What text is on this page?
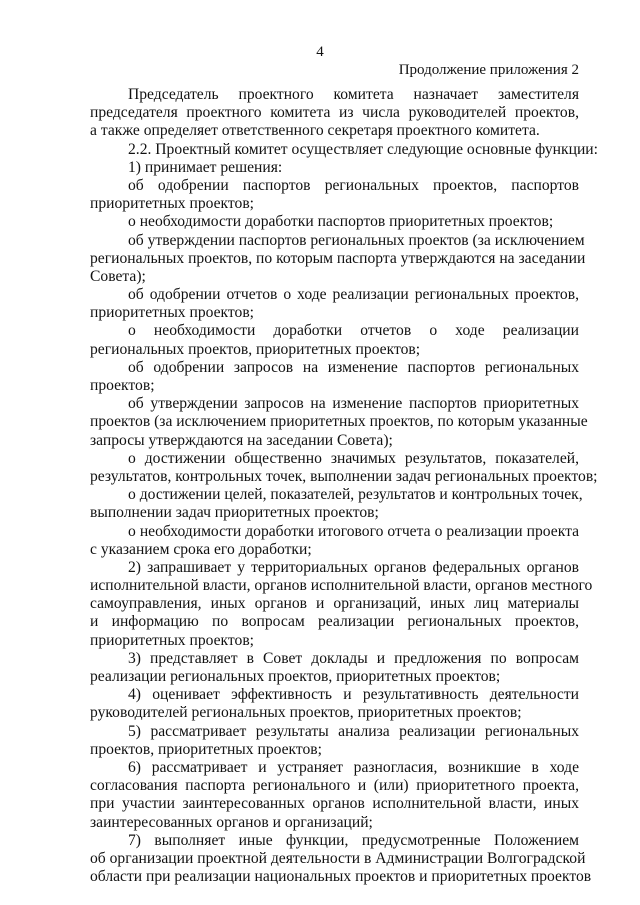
4
Продолжение приложения 2
Председатель проектного комитета назначает заместителя
председателя проектного комитета из числа руководителей проектов,
а также определяет ответственного секретаря проектного комитета.
2.2. Проектный комитет осуществляет следующие основные функции:
1) принимает решения:
об одобрении паспортов региональных проектов, паспортов
приоритетных проектов;
о необходимости доработки паспортов приоритетных проектов;
об утверждении паспортов региональных проектов (за исключением
региональных проектов, по которым паспорта утверждаются на заседании
Совета);
об одобрении отчетов о ходе реализации региональных проектов,
приоритетных проектов;
о необходимости доработки отчетов о ходе реализации
региональных проектов, приоритетных проектов;
об одобрении запросов на изменение паспортов региональных
проектов;
об утверждении запросов на изменение паспортов приоритетных
проектов (за исключением приоритетных проектов, по которым указанные
запросы утверждаются на заседании Совета);
о достижении общественно значимых результатов, показателей,
результатов, контрольных точек, выполнении задач региональных проектов;
о достижении целей, показателей, результатов и контрольных точек,
выполнении задач приоритетных проектов;
о необходимости доработки итогового отчета о реализации проекта
с указанием срока его доработки;
2) запрашивает у территориальных органов федеральных органов
исполнительной власти, органов исполнительной власти, органов местного
самоуправления, иных органов и организаций, иных лиц материалы
и информацию по вопросам реализации региональных проектов,
приоритетных проектов;
3) представляет в Совет доклады и предложения по вопросам
реализации региональных проектов, приоритетных проектов;
4) оценивает эффективность и результативность деятельности
руководителей региональных проектов, приоритетных проектов;
5) рассматривает результаты анализа реализации региональных
проектов, приоритетных проектов;
6) рассматривает и устраняет разногласия, возникшие в ходе
согласования паспорта регионального и (или) приоритетного проекта,
при участии заинтересованных органов исполнительной власти, иных
заинтересованных органов и организаций;
7) выполняет иные функции, предусмотренные Положением
об организации проектной деятельности в Администрации Волгоградской
области при реализации национальных проектов и приоритетных проектов
